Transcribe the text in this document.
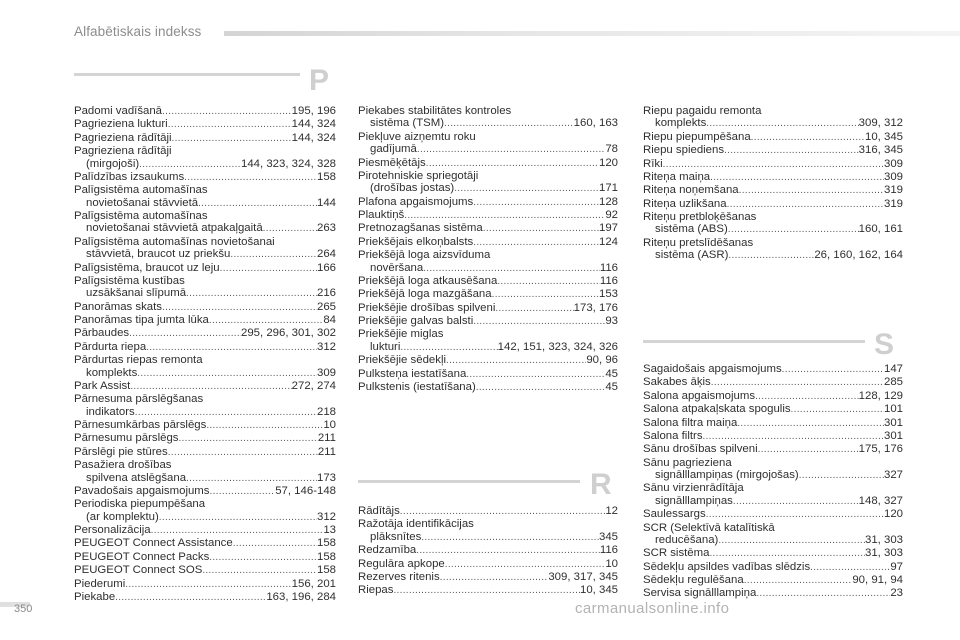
Alfabētiskais indekss
P
S
R
Padomi vadīšanā .....	195, 196
Pagrieziena lukturi .....	144, 324
Pagrieziena rādītāji .....	144, 324
Pagrieziena rādītāji
(mirgojoši) .....	144, 323, 324, 328
Palīdzības izsaukums .....	158
Palīgsistēma automašīnas
novietošanai stāvvietā .....	144
Palīgsistēma automašīnas
novietošanai stāvvietā atpakaļgaitā .....	263
Palīgsistēma automašīnas novietošanai
stāvvietā, braucot uz priekšu .....	264
Palīgsistēma, braucot uz leju .....	166
Palīgsistēma kustības
uzsākšanai slīpumā .....	216
Panorāmas skats .....	265
Panorāmas tipa jumta lūka .....	84
Pārbaudes .....	295, 296, 301, 302
Pārdurta riepa .....	312
Pārdurtas riepas remonta
komplekts .....	309
Park Assist .....	272, 274
Pārnesuma pārslēgšanas
indikators .....	218
Pārnesumkārbas pārslēgs .....	10
Pārnesumu pārslēgs .....	211
Pārslēgi pie stūres .....	211
Pasažiera drošības
spilvena atslēgšana .....	173
Pavadošais apgaismojums .....	57, 146-148
Periodiska piepumpēšana
(ar komplektu) .....	312
Personalizācija .....	13
PEUGEOT Connect Assistance .....	158
PEUGEOT Connect Packs .....	158
PEUGEOT Connect SOS .....	158
Piederumi .....	156, 201
Piekabe .....	163, 196, 284
Piekabes stabilitātes kontroles
sistēma (TSM) .....	160, 163
Piekļuve aizņemtu roku
gadījumā .....	78
Piesmēķētājs .....	120
Pirotehniskie spriegotāji
(drošības jostas) .....	171
Plafona apgaismojums .....	128
Plauktiņš .....	92
Pretnozagšanas sistēma .....	197
Priekšējais elkoņbalsts .....	124
Priekšējā loga aizsvīduma
novēršana .....	116
Priekšējā loga atkausēšana .....	116
Priekšējā loga mazgāšana .....	153
Priekšējie drošības spilveni .....	173, 176
Priekšējie galvas balsti .....	93
Priekšējie miglas
lukturi .....	142, 151, 323, 324, 326
Priekšējie sēdekļi .....	90, 96
Pulksteņa iestatīšana .....	45
Pulkstenis (iestatīšana) .....	45
Rādītājs .....	12
Ražotāja identifikācijas
plāksnītes .....	345
Redzamība .....	116
Regulāra apkope .....	10
Rezerves ritenis .....	309, 317, 345
Riepas .....	10, 345
Riepu pagaidu remonta
komplekts .....	309, 312
Riepu piepumpēšana .....	10, 345
Riepu spiediens .....	316, 345
Rīki .....	309
Riteņa maiņa .....	309
Riteņa noņemšana .....	319
Riteņa uzlikšana .....	319
Riteņu pretbloķēšanas
sistēma (ABS) .....	160, 161
Riteņu pretslīdēšanas
sistēma (ASR) .....	26, 160, 162, 164
Sagaidošais apgaismojums .....	147
Sakabes āķis .....	285
Salona apgaismojums .....	128, 129
Salona atpakaļskata spogulis .....	101
Salona filtra maiņa .....	301
Salona filtrs .....	301
Sānu drošības spilveni .....	175, 176
Sānu pagrieziena
signālllampiņas (mirgojošas) .....	327
Sānu virzienrādītāja
signālllampiņas .....	148, 327
Saulessargs .....	120
SCR (Selektīvā katalītiskā
reducēšana) .....	31, 303
SCR sistēma .....	31, 303
Sēdekļu apsildes vadības slēdzis .....	97
Sēdekļu regulēšana .....	90, 91, 94
Servisa signālllampiņa .....	23
350	carmanualsonline.info
